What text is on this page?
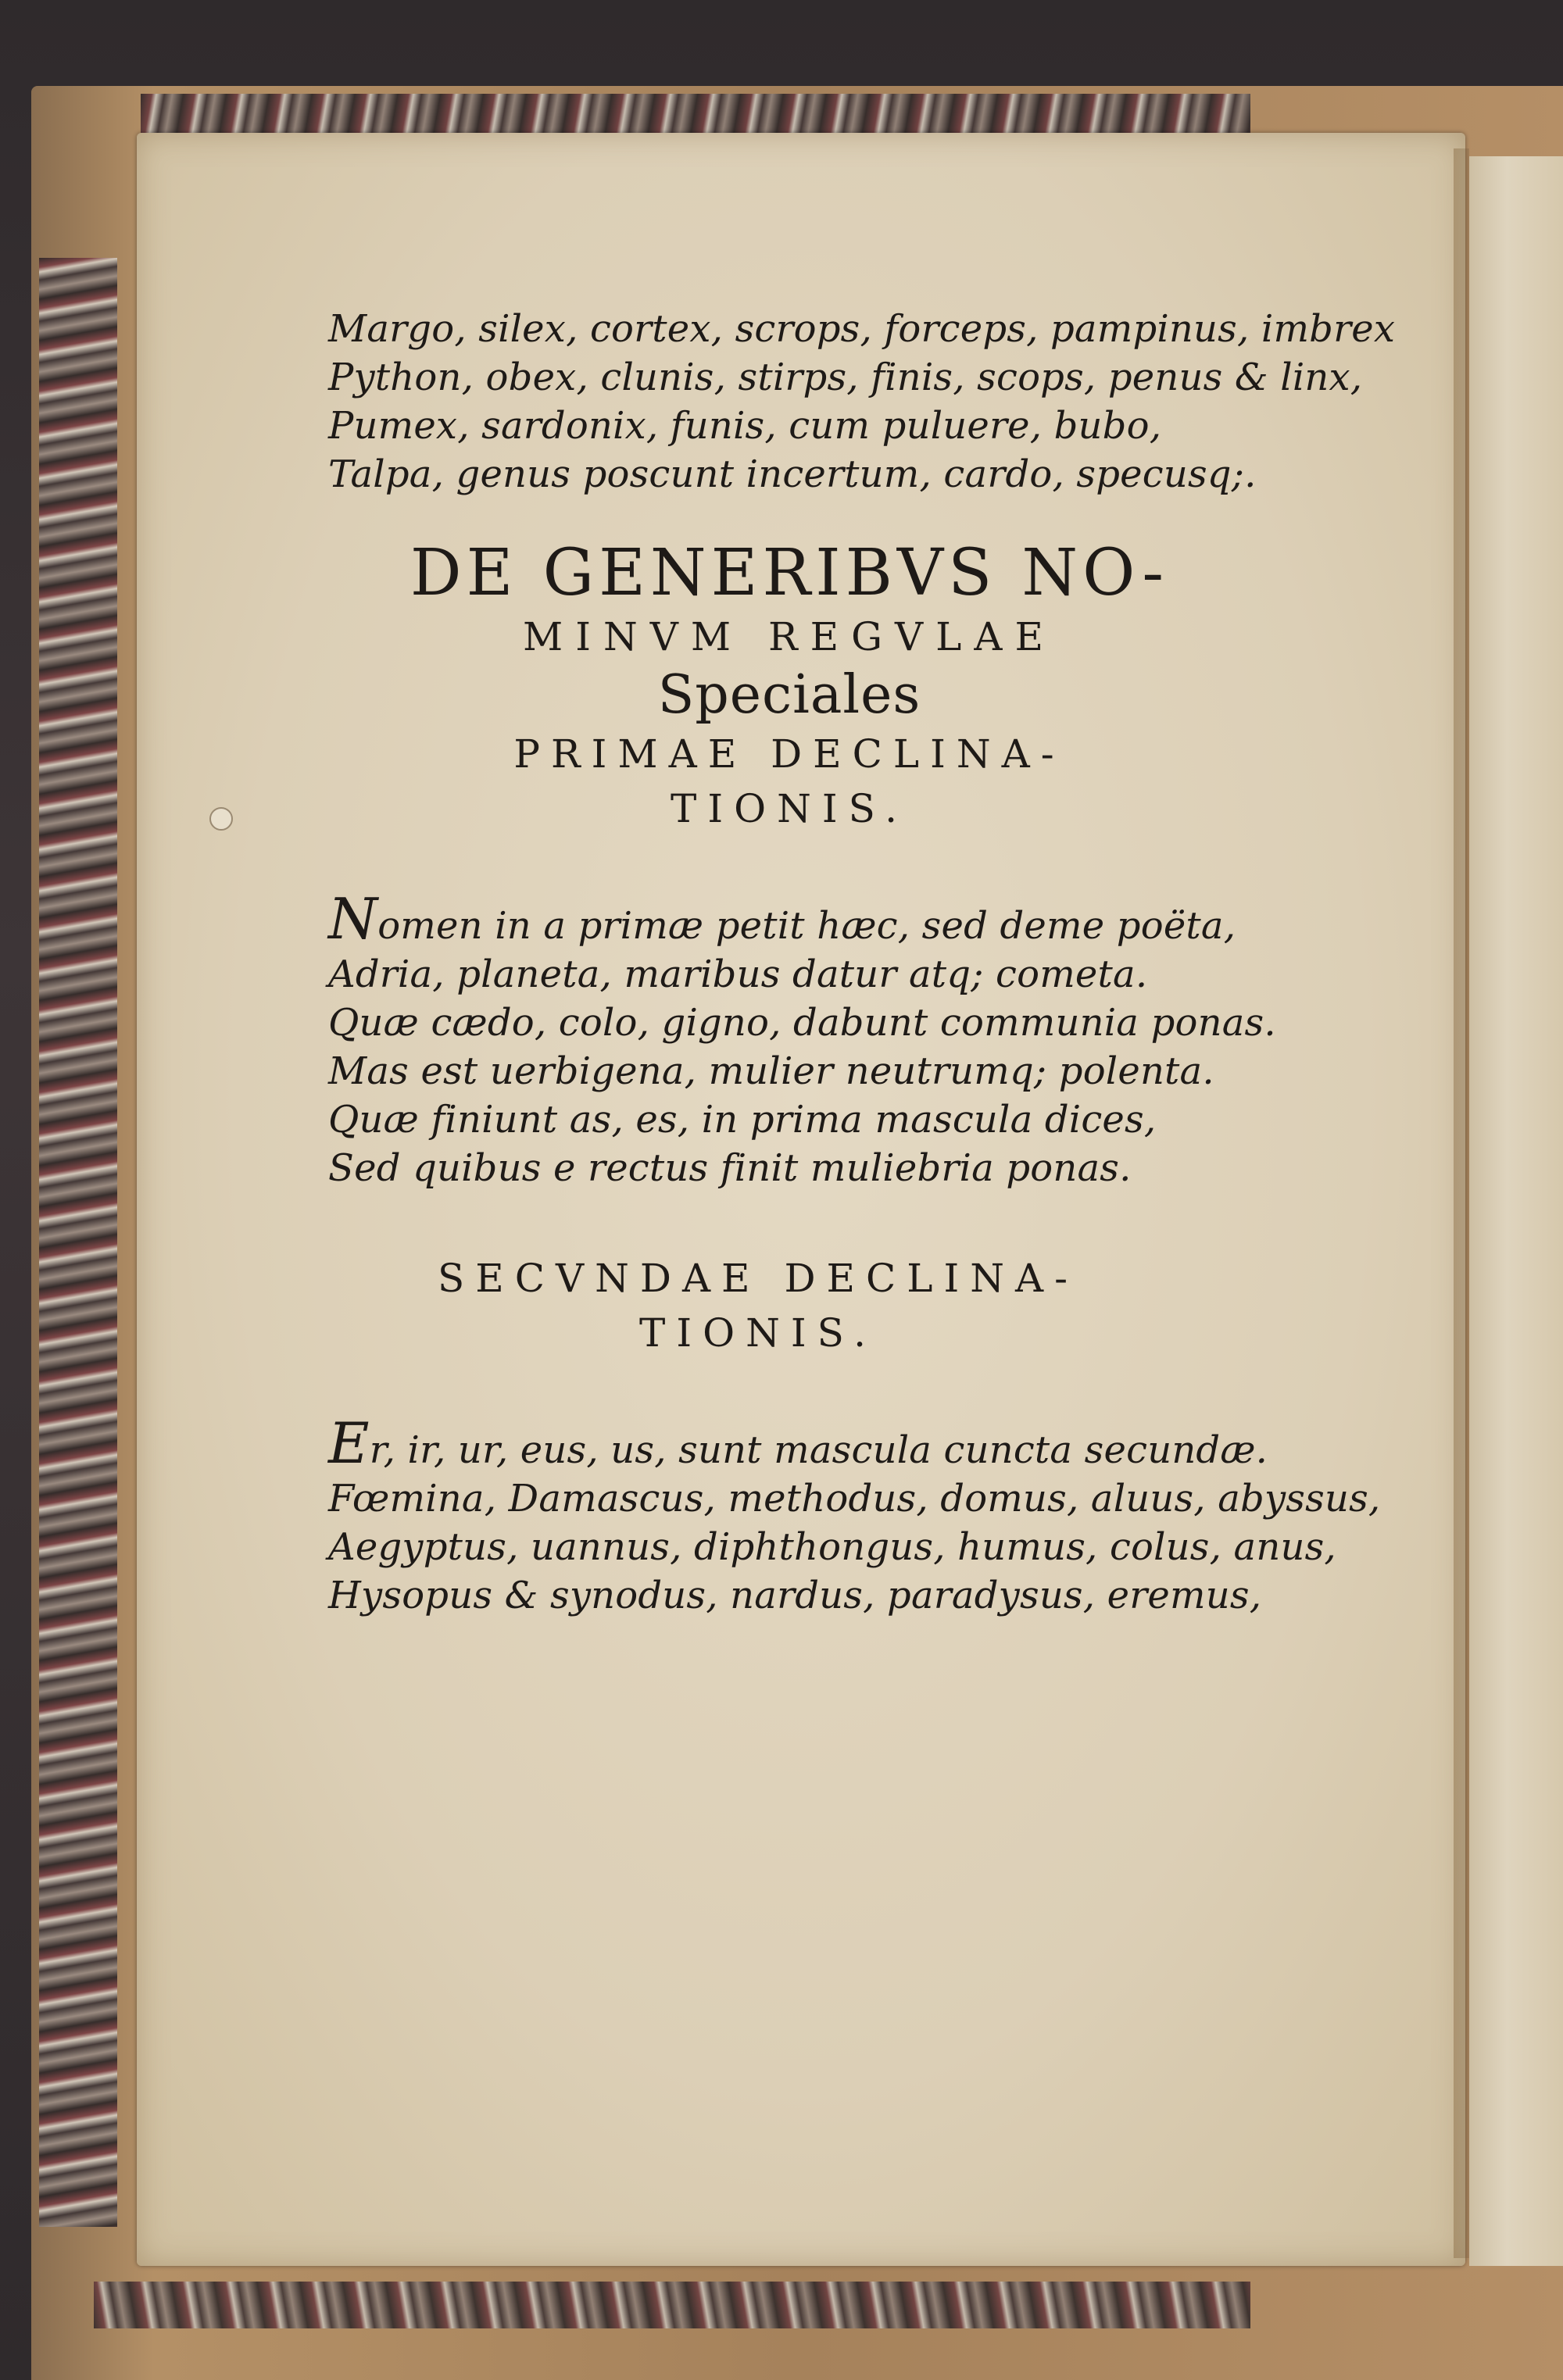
Margo, silex, cortex, scrops, forceps, pampinus, imbrex
Python, obex, clunis, stirps, finis, scops, penus & linx,
Pumex, sardonix, funis, cum puluere, bubo,
Talpa, genus poscunt incertum, cardo, specusq;.
DE GENERIBVS NO-
MINVM REGVLAE
Speciales
PRIMAE DECLINA-
TIONIS.
Nomen in a primæ petit hæc, sed deme poëta,
Adria, planeta, maribus datur atq; cometa.
Quæ cædo, colo, gigno, dabunt communia ponas.
Mas est uerbigena, mulier neutrumq; polenta.
Quæ finiunt as, es, in prima mascula dices,
Sed quibus e rectus finit muliebria ponas.
SECVNDAE DECLINA-
TIONIS.
Er, ir, ur, eus, us, sunt mascula cuncta secundæ.
Fœmina, Damascus, methodus, domus, aluus, abyssus,
Aegyptus, uannus, diphthongus, humus, colus, anus,
Hysopus & synodus, nardus, paradysus, eremus,
